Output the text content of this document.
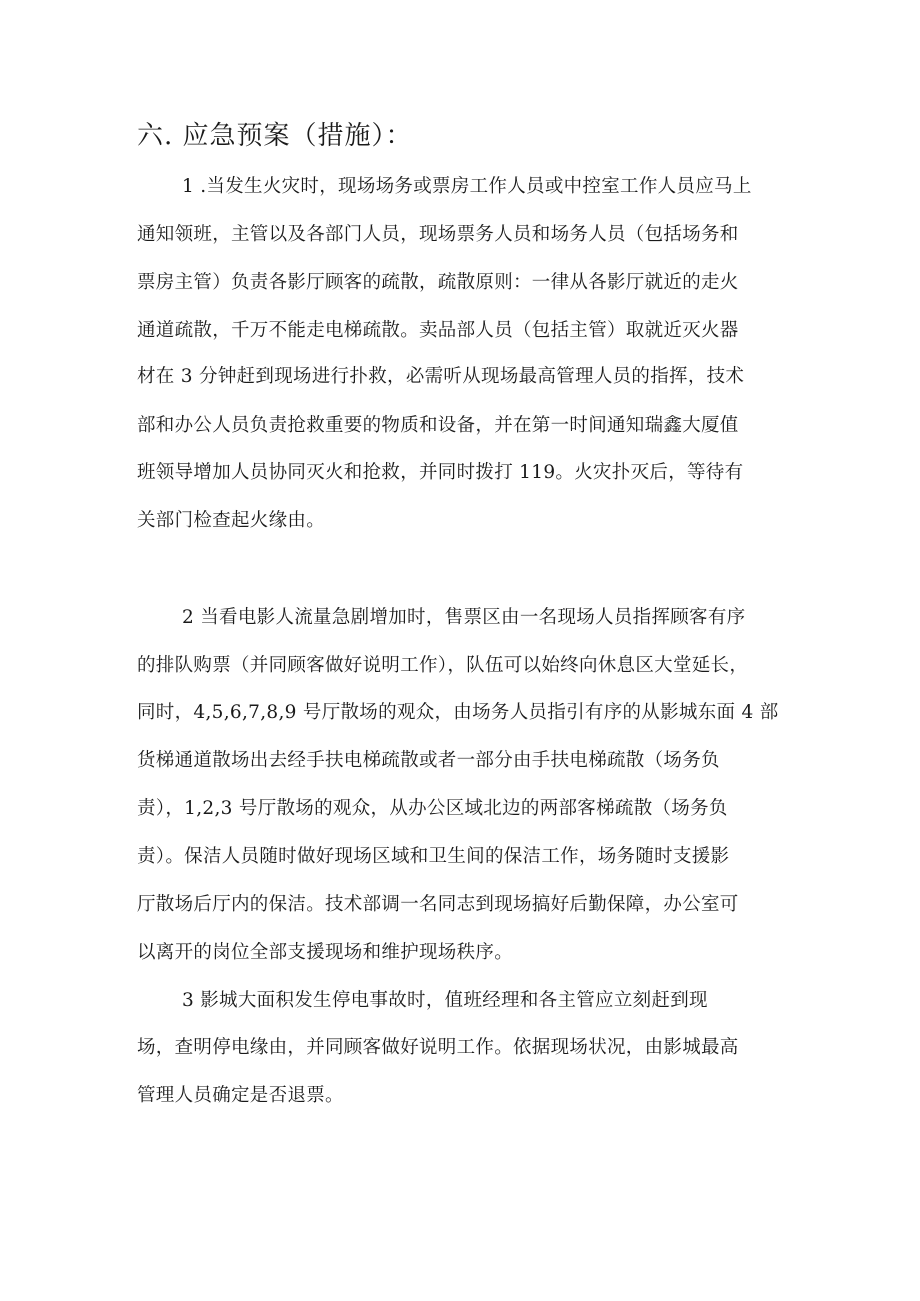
六. 应急预案（措施）：
1 .当发生火灾时，现场场务或票房工作人员或中控室工作人员应马上
通知领班，主管以及各部门人员，现场票务人员和场务人员（包括场务和
票房主管）负责各影厅顾客的疏散，疏散原则：一律从各影厅就近的走火
通道疏散，千万不能走电梯疏散。卖品部人员（包括主管）取就近灭火器
材在 3 分钟赶到现场进行扑救，必需听从现场最高管理人员的指挥，技术
部和办公人员负责抢救重要的物质和设备，并在第一时间通知瑞鑫大厦值
班领导增加人员协同灭火和抢救，并同时拨打 119。火灾扑灭后，等待有
关部门检查起火缘由。
2 当看电影人流量急剧增加时，售票区由一名现场人员指挥顾客有序
的排队购票（并同顾客做好说明工作），队伍可以始终向休息区大堂延长，
同时，4,5,6,7,8,9 号厅散场的观众，由场务人员指引有序的从影城东面 4 部
货梯通道散场出去经手扶电梯疏散或者一部分由手扶电梯疏散（场务负
责），1,2,3 号厅散场的观众，从办公区域北边的两部客梯疏散（场务负
责）。保洁人员随时做好现场区域和卫生间的保洁工作，场务随时支援影
厅散场后厅内的保洁。技术部调一名同志到现场搞好后勤保障，办公室可
以离开的岗位全部支援现场和维护现场秩序。
3 影城大面积发生停电事故时，值班经理和各主管应立刻赶到现
场，查明停电缘由，并同顾客做好说明工作。依据现场状况，由影城最高
管理人员确定是否退票。
